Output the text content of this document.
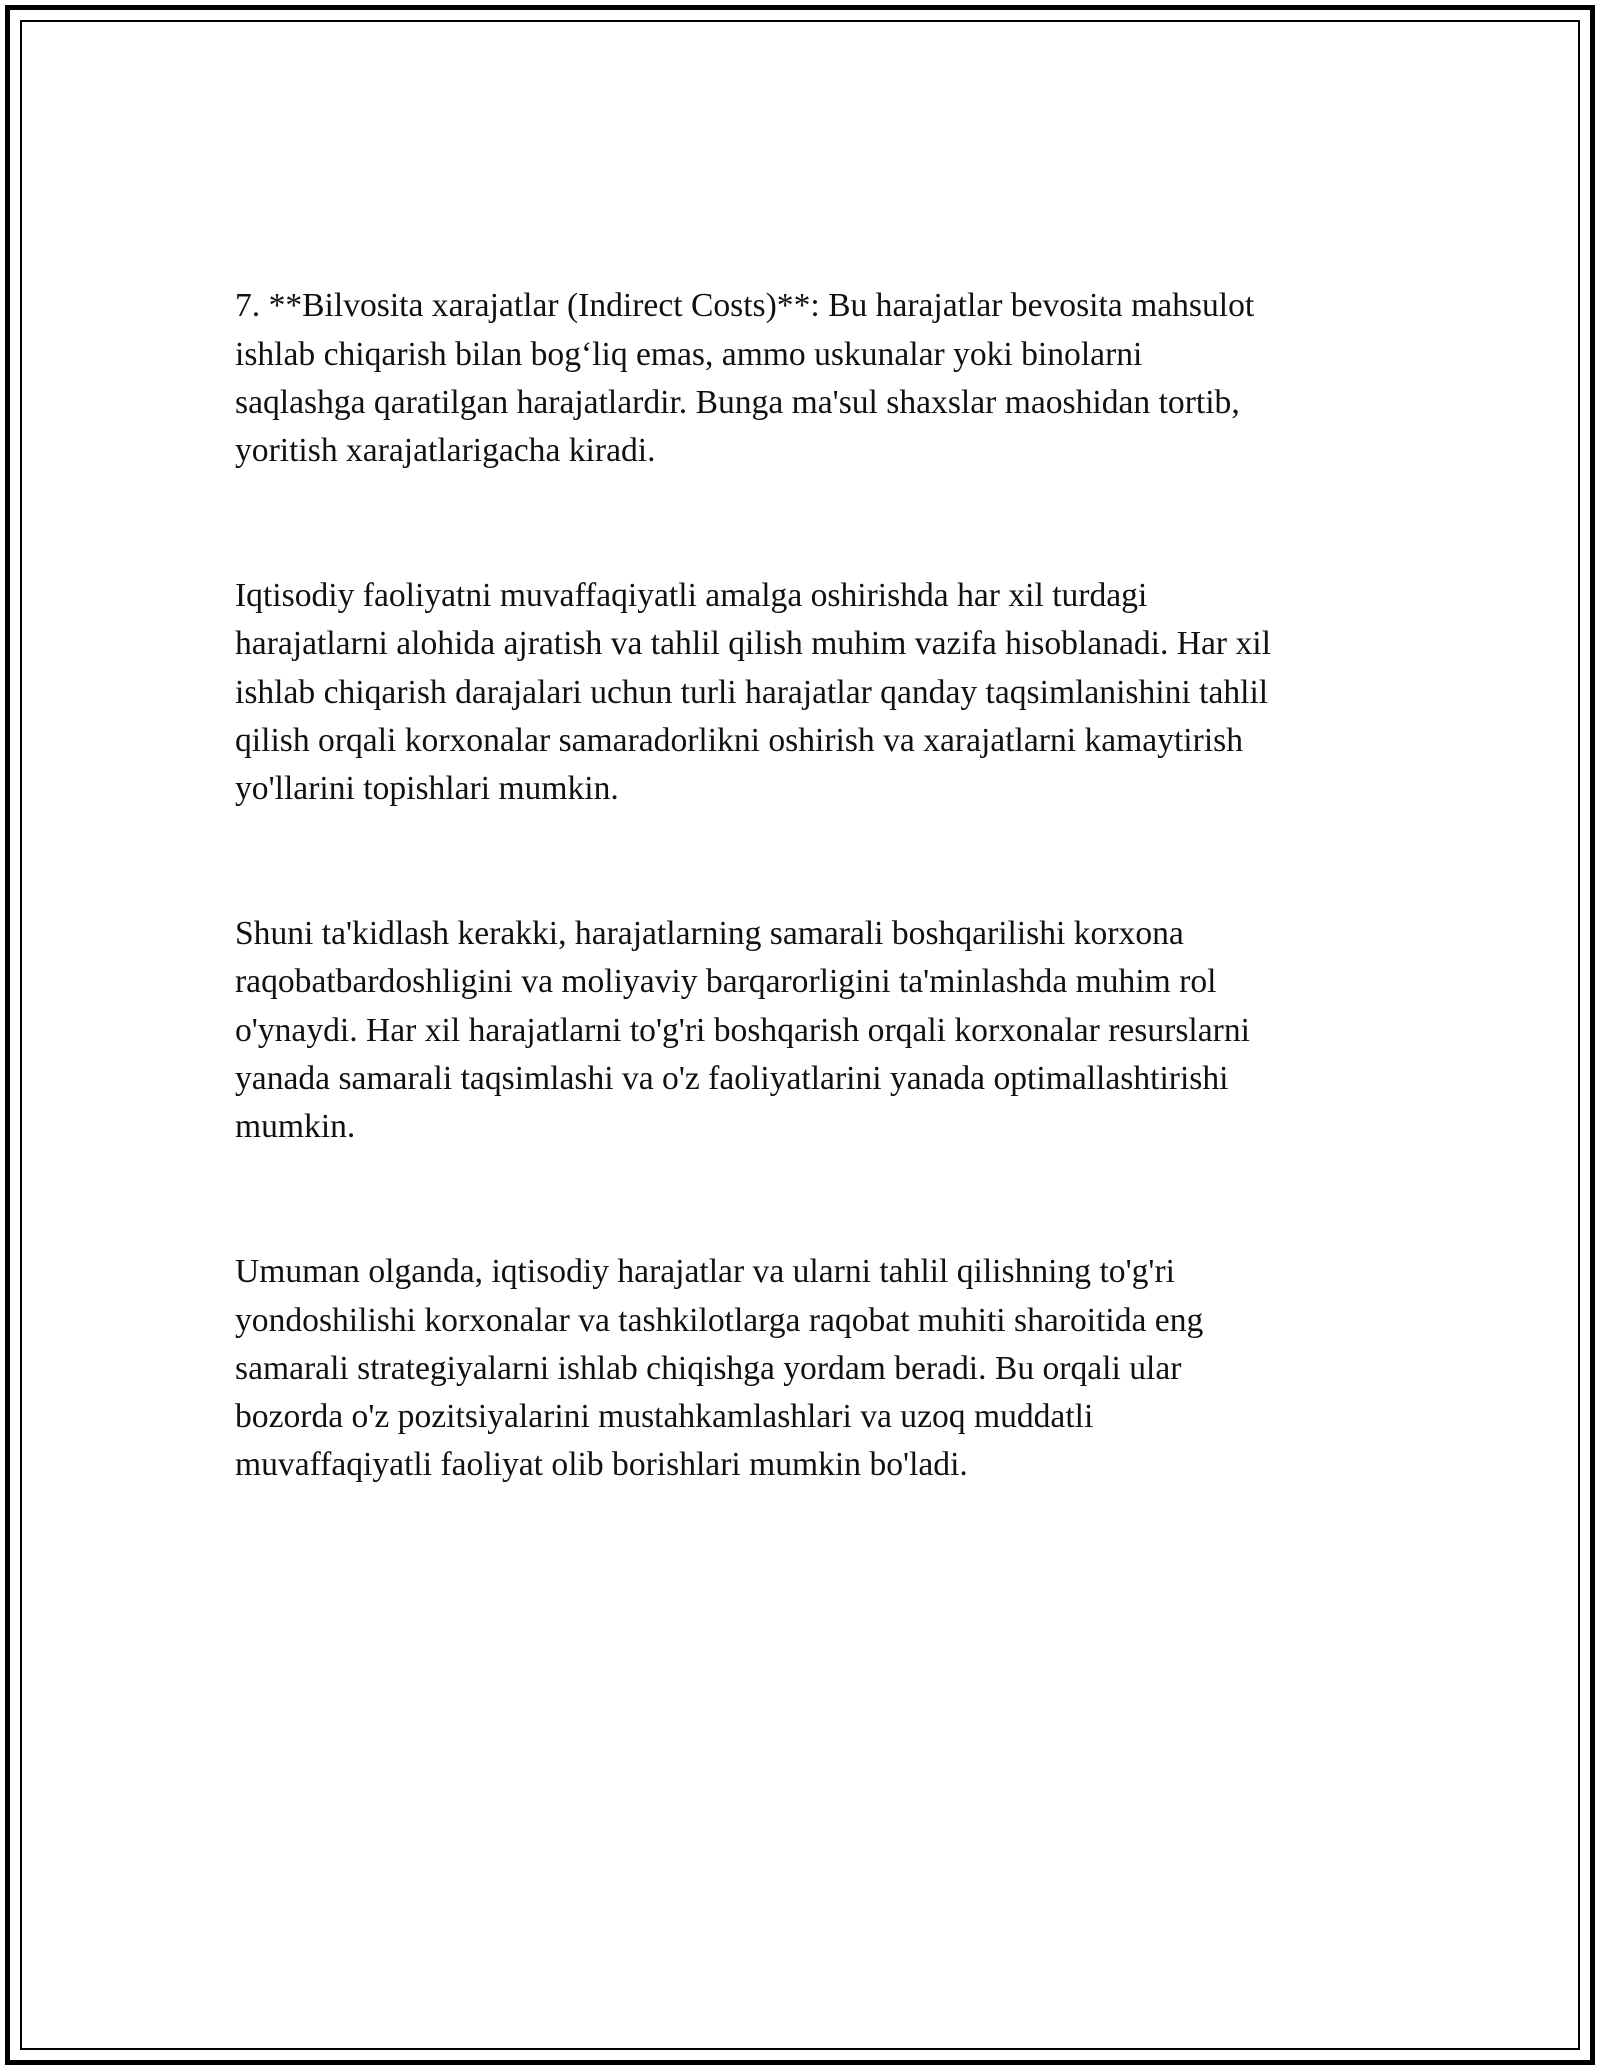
7. **Bilvosita xarajatlar (Indirect Costs)**: Bu harajatlar bevosita mahsulot
ishlab chiqarish bilan bog‘liq emas, ammo uskunalar yoki binolarni
saqlashga qaratilgan harajatlardir. Bunga ma'sul shaxslar maoshidan tortib,
yoritish xarajatlarigacha kiradi.

Iqtisodiy faoliyatni muvaffaqiyatli amalga oshirishda har xil turdagi
harajatlarni alohida ajratish va tahlil qilish muhim vazifa hisoblanadi. Har xil
ishlab chiqarish darajalari uchun turli harajatlar qanday taqsimlanishini tahlil
qilish orqali korxonalar samaradorlikni oshirish va xarajatlarni kamaytirish
yo'llarini topishlari mumkin.

Shuni ta'kidlash kerakki, harajatlarning samarali boshqarilishi korxona
raqobatbardoshligini va moliyaviy barqarorligini ta'minlashda muhim rol
o'ynaydi. Har xil harajatlarni to'g'ri boshqarish orqali korxonalar resurslarni
yanada samarali taqsimlashi va o'z faoliyatlarini yanada optimallashtirishi
mumkin.

Umuman olganda, iqtisodiy harajatlar va ularni tahlil qilishning to'g'ri
yondoshilishi korxonalar va tashkilotlarga raqobat muhiti sharoitida eng
samarali strategiyalarni ishlab chiqishga yordam beradi. Bu orqali ular
bozorda o'z pozitsiyalarini mustahkamlashlari va uzoq muddatli
muvaffaqiyatli faoliyat olib borishlari mumkin bo'ladi.
